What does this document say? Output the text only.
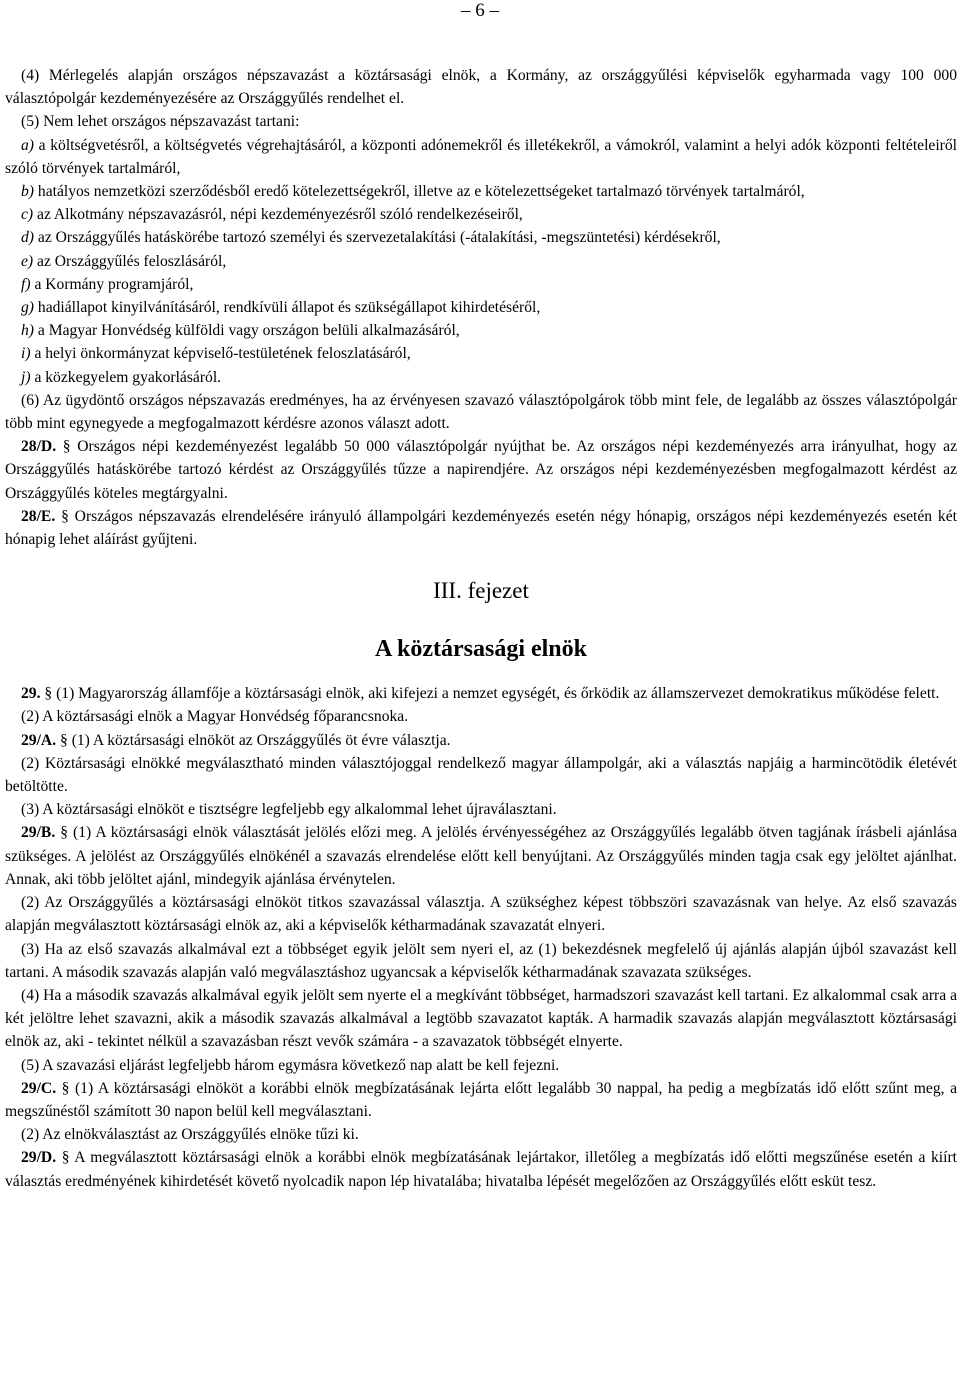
– 6 –

(4) Mérlegelés alapján országos népszavazást a köztársasági elnök, a Kormány, az országgyűlési képviselők egyharmada vagy 100 000 választópolgár kezdeményezésére az Országgyűlés rendelhet el.

(5) Nem lehet országos népszavazást tartani:

a) a költségvetésről, a költségvetés végrehajtásáról, a központi adónemekről és illetékekről, a vámokról, valamint a helyi adók központi feltételeiről szóló törvények tartalmáról,

b) hatályos nemzetközi szerződésből eredő kötelezettségekről, illetve az e kötelezettségeket tartalmazó törvények tartalmáról,

c) az Alkotmány népszavazásról, népi kezdeményezésről szóló rendelkezéseiről,

d) az Országgyűlés hatáskörébe tartozó személyi és szervezetalakítási (-átalakítási, -megszüntetési) kérdésekről,

e) az Országgyűlés feloszlásáról,

f) a Kormány programjáról,

g) hadiállapot kinyilvánításáról, rendkívüli állapot és szükségállapot kihirdetéséről,

h) a Magyar Honvédség külföldi vagy országon belüli alkalmazásáról,

i) a helyi önkormányzat képviselő-testületének feloszlatásáról,

j) a közkegyelem gyakorlásáról.

(6) Az ügydöntő országos népszavazás eredményes, ha az érvényesen szavazó választópolgárok több mint fele, de legalább az összes választópolgár több mint egynegyede a megfogalmazott kérdésre azonos választ adott.

28/D. § Országos népi kezdeményezést legalább 50 000 választópolgár nyújthat be. Az országos népi kezdeményezés arra irányulhat, hogy az Országgyűlés hatáskörébe tartozó kérdést az Országgyűlés tűzze a napirendjére. Az országos népi kezdeményezésben megfogalmazott kérdést az Országgyűlés köteles megtárgyalni.

28/E. § Országos népszavazás elrendelésére irányuló állampolgári kezdeményezés esetén négy hónapig, országos népi kezdeményezés esetén két hónapig lehet aláírást gyűjteni.

III. fejezet

A köztársasági elnök

29. § (1) Magyarország államfője a köztársasági elnök, aki kifejezi a nemzet egységét, és őrködik az államszervezet demokratikus működése felett.

(2) A köztársasági elnök a Magyar Honvédség főparancsnoka.

29/A. § (1) A köztársasági elnököt az Országgyűlés öt évre választja.

(2) Köztársasági elnökké megválasztható minden választójoggal rendelkező magyar állampolgár, aki a választás napjáig a harmincötödik életévét betöltötte.

(3) A köztársasági elnököt e tisztségre legfeljebb egy alkalommal lehet újraválasztani.

29/B. § (1) A köztársasági elnök választását jelölés előzi meg. A jelölés érvényességéhez az Országgyűlés legalább ötven tagjának írásbeli ajánlása szükséges. A jelölést az Országgyűlés elnökénél a szavazás elrendelése előtt kell benyújtani. Az Országgyűlés minden tagja csak egy jelöltet ajánlhat. Annak, aki több jelöltet ajánl, mindegyik ajánlása érvénytelen.

(2) Az Országgyűlés a köztársasági elnököt titkos szavazással választja. A szükséghez képest többszöri szavazásnak van helye. Az első szavazás alapján megválasztott köztársasági elnök az, aki a képviselők kétharmadának szavazatát elnyeri.

(3) Ha az első szavazás alkalmával ezt a többséget egyik jelölt sem nyeri el, az (1) bekezdésnek megfelelő új ajánlás alapján újból szavazást kell tartani. A második szavazás alapján való megválasztáshoz ugyancsak a képviselők kétharmadának szavazata szükséges.

(4) Ha a második szavazás alkalmával egyik jelölt sem nyerte el a megkívánt többséget, harmadszori szavazást kell tartani. Ez alkalommal csak arra a két jelöltre lehet szavazni, akik a második szavazás alkalmával a legtöbb szavazatot kapták. A harmadik szavazás alapján megválasztott köztársasági elnök az, aki - tekintet nélkül a szavazásban részt vevők számára - a szavazatok többségét elnyerte.

(5) A szavazási eljárást legfeljebb három egymásra következő nap alatt be kell fejezni.

29/C. § (1) A köztársasági elnököt a korábbi elnök megbízatásának lejárta előtt legalább 30 nappal, ha pedig a megbízatás idő előtt szűnt meg, a megszűnéstől számított 30 napon belül kell megválasztani.

(2) Az elnökválasztást az Országgyűlés elnöke tűzi ki.

29/D. § A megválasztott köztársasági elnök a korábbi elnök megbízatásának lejártakor, illetőleg a megbízatás idő előtti megszűnése esetén a kiírt választás eredményének kihirdetését követő nyolcadik napon lép hivatalába; hivatalba lépését megelőzően az Országgyűlés előtt esküt tesz.
